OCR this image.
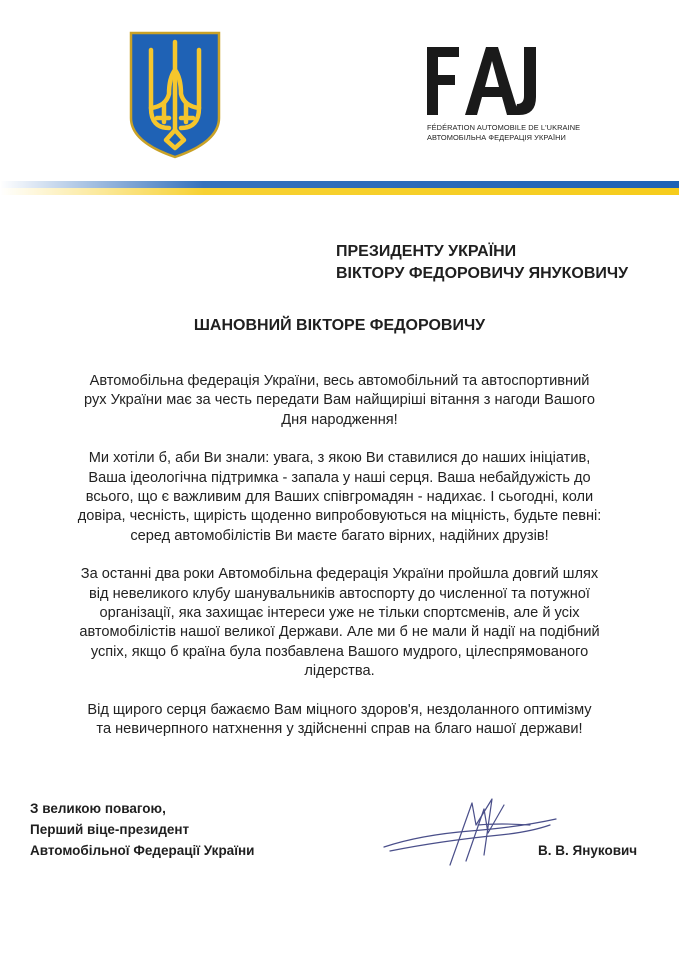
FÉDÉRATION AUTOMOBILE DE L'UKRAINE
АВТОМОБІЛЬНА ФЕДЕРАЦІЯ УКРАЇНИ
ПРЕЗИДЕНТУ УКРАЇНИ
ВІКТОРУ ФЕДОРОВИЧУ ЯНУКОВИЧУ
ШАНОВНИЙ ВІКТОРЕ ФЕДОРОВИЧУ

Автомобільна федерація України, весь автомобільний та автоспортивний
рух України має за честь передати Вам найщиріші вітання з нагоди Вашого
Дня народження!

Ми хотіли б, аби Ви знали: увага, з якою Ви ставилися до наших ініціатив,
Ваша ідеологічна підтримка - запала у наші серця. Ваша небайдужість до
всього, що є важливим для Ваших співгромадян - надихає. І сьогодні, коли
довіра, чесність, щирість щоденно випробовуються на міцність, будьте певні:
серед автомобілістів Ви маєте багато вірних, надійних друзів!

За останні два роки Автомобільна федерація України пройшла довгий шлях
від невеликого клубу шанувальників автоспорту до численної та потужної
організації, яка захищає інтереси уже не тільки спортсменів, але й усіх
автомобілістів нашої великої Держави. Але ми б не мали й надії на подібний
успіх, якщо б країна була позбавлена Вашого мудрого, цілеспрямованого
лідерства.

Від щирого серця бажаємо Вам міцного здоров'я, нездоланного оптимізму
та невичерпного натхнення у здійсненні справ на благо нашої держави!

З великою повагою,
Перший віце-президент
Автомобільної Федерації України	В. В. Янукович
